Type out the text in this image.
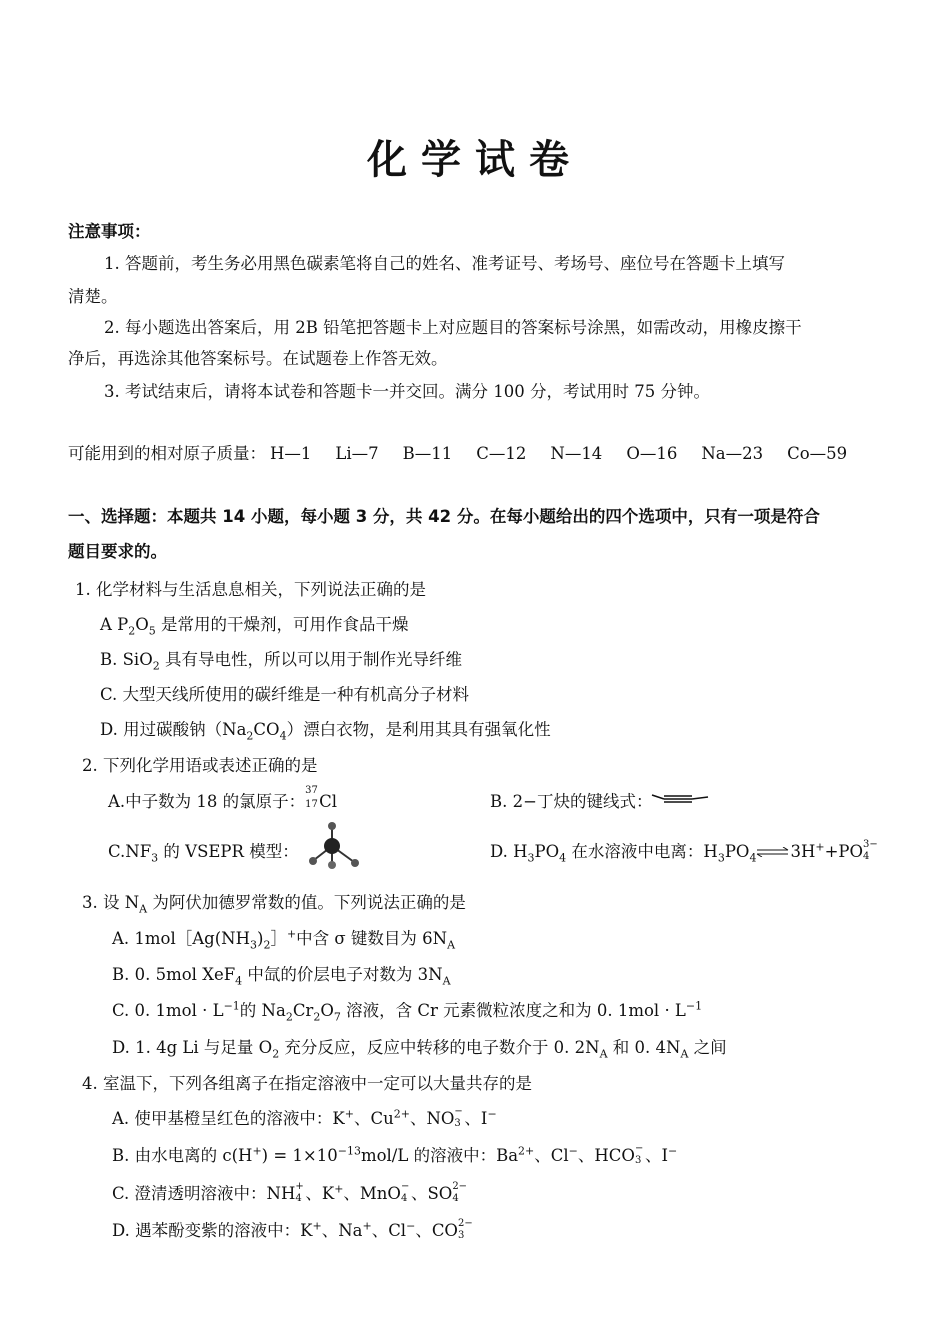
化学试卷
注意事项：
1. 答题前，考生务必用黑色碳素笔将自己的姓名、准考证号、考场号、座位号在答题卡上填写
清楚。
2. 每小题选出答案后，用 2B 铅笔把答题卡上对应题目的答案标号涂黑，如需改动，用橡皮擦干
净后，再选涂其他答案标号。在试题卷上作答无效。
3. 考试结束后，请将本试卷和答题卡一并交回。满分 100 分，考试用时 75 分钟。
可能用到的相对原子质量： H—1 Li—7 B—11 C—12 N—14 O—16 Na—23 Co—59
一、选择题：本题共 14 小题，每小题 3 分，共 42 分。在每小题给出的四个选项中，只有一项是符合
题目要求的。
1. 化学材料与生活息息相关，下列说法正确的是
A $P_2O_5$ 是常用的干燥剂，可用作食品干燥
B. SiO$_2$ 具有导电性，所以可以用于制作光导纤维
C. 大型天线所使用的碳纤维是一种有机高分子材料
D. 用过碳酸钠$(Na_2CO_4)$漂白衣物，是利用其具有强氧化性
2. 下列化学用语或表述正确的是
A.中子数为 18 的氯原子：
37
17 Cl	B. 2−丁炔的键线式：
$C.NF_3$ 的 VSEPR 模型：	D. $H_3PO_4$ 在水溶液中电离：$H_3PO_4\rightleftharpoons 3H^++PO$ 3−
4
3. 设 $N_A$ 为阿伏加德罗常数的值。下列说法正确的是
A. $1mol[Ag(NH_3)_2]^+$中含 σ 键数目为 $6N_A$
B. 0. 5mol XeF$_4$ 中氙的价层电子对数为 $3N_A$
C. 0. $1mol \cdot L^{-1}$的 $Na_2Cr_2O_7$ 溶液，含 Cr 元素微粒浓度之和为 0. $1mol \cdot L^{-1}$
D. 1. 4g Li 与足量 $O_2$ 充分反应，反应中转移的电子数介于 0. $2N_A$ 和 0. $4N_A$ 之间
4. 室温下，下列各组离子在指定溶液中一定可以大量共存的是
A. 使甲基橙呈红色的溶液中：K+、$Cu^{2+}$、NO −
3 、I−
B. 由水电离的 $c(H^+) = 1\times 10^{-13}mol/L$ 的溶液中：$Ba^{2+}$、Cl−、HCO −
3 、I−
C. 澄清透明溶液中：NH +
4 、K+、MnO −
4 、SO 2−
4
D. 遇苯酚变紫的溶液中：K+、Na+、Cl−、CO 2−
3
